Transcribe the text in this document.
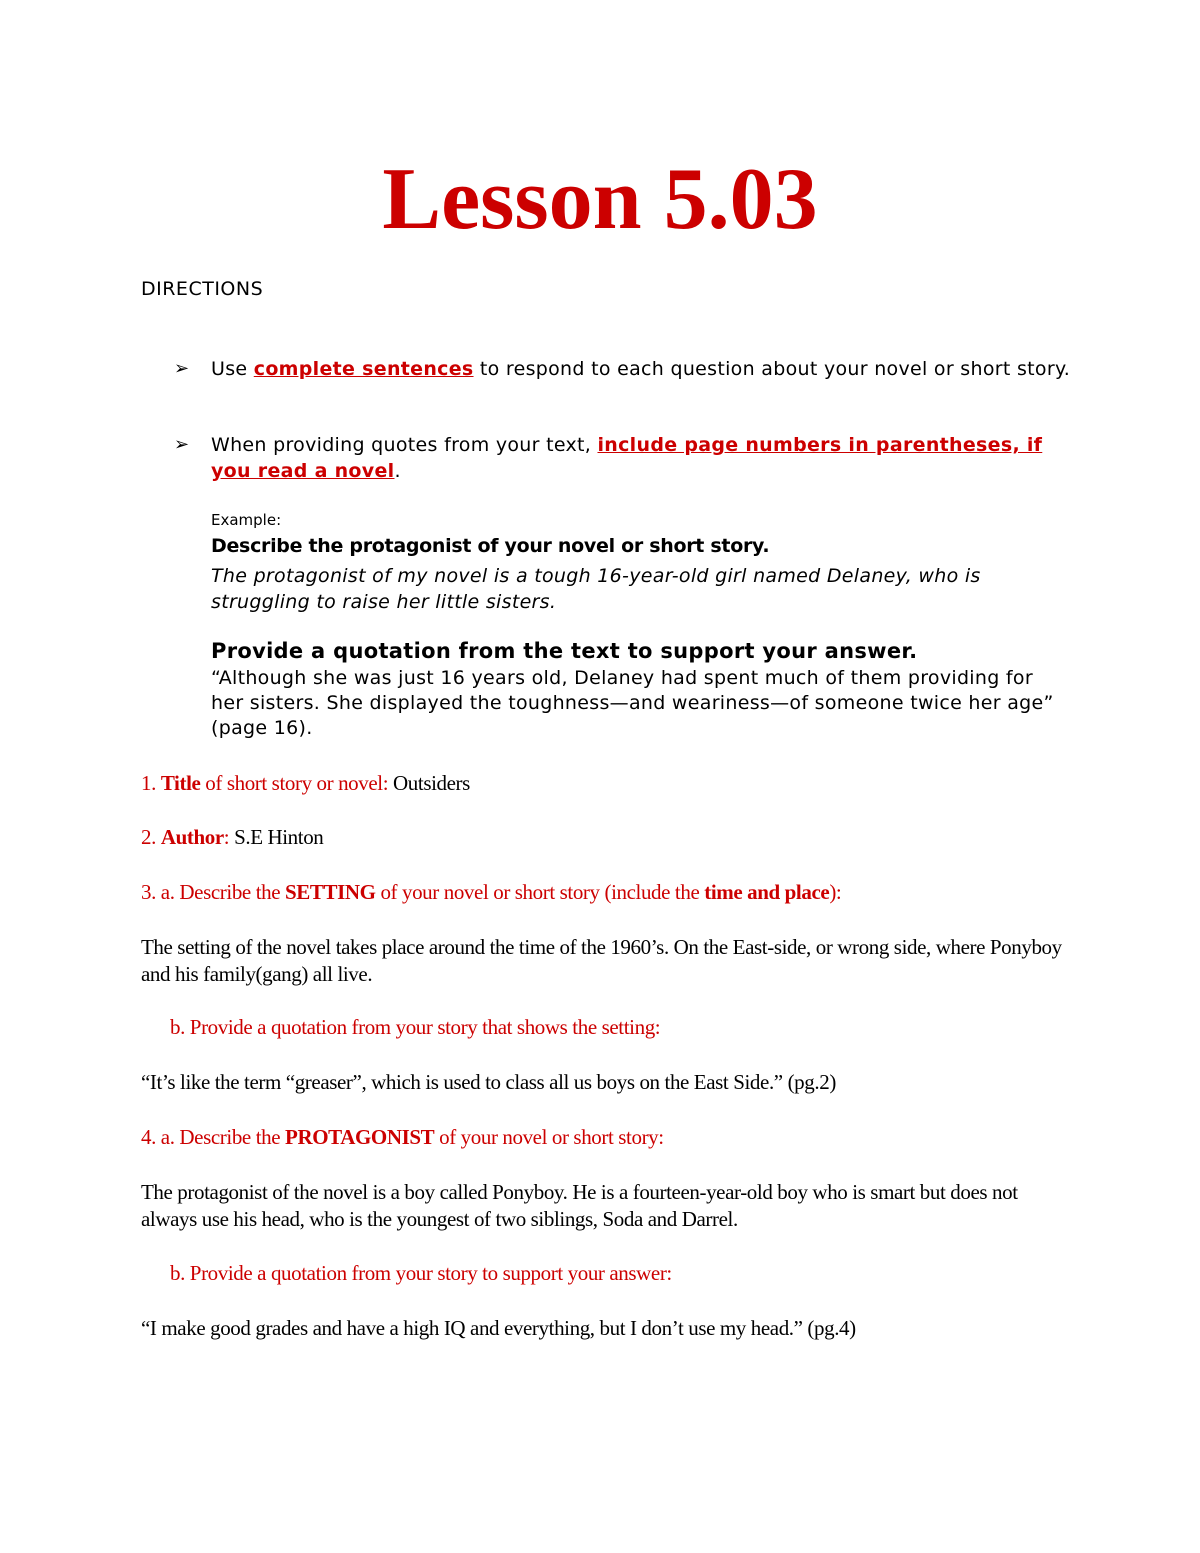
Lesson 5.03
DIRECTIONS
➢ Use complete sentences to respond to each question about your novel or short story.
➢ When providing quotes from your text, include page numbers in parentheses, if you read a novel.
Example:
Describe the protagonist of your novel or short story.
The protagonist of my novel is a tough 16-year-old girl named Delaney, who is struggling to raise her little sisters.
Provide a quotation from the text to support your answer.
“Although she was just 16 years old, Delaney had spent much of them providing for her sisters. She displayed the toughness—and weariness—of someone twice her age” (page 16).
1. Title of short story or novel: Outsiders
2. Author: S.E Hinton
3. a. Describe the SETTING of your novel or short story (include the time and place):
The setting of the novel takes place around the time of the 1960’s. On the East-side, or wrong side, where Ponyboy and his family(gang) all live.
b. Provide a quotation from your story that shows the setting:
“It’s like the term “greaser”, which is used to class all us boys on the East Side.” (pg.2)
4. a. Describe the PROTAGONIST of your novel or short story:
The protagonist of the novel is a boy called Ponyboy. He is a fourteen-year-old boy who is smart but does not always use his head, who is the youngest of two siblings, Soda and Darrel.
b. Provide a quotation from your story to support your answer:
“I make good grades and have a high IQ and everything, but I don’t use my head.” (pg.4)
